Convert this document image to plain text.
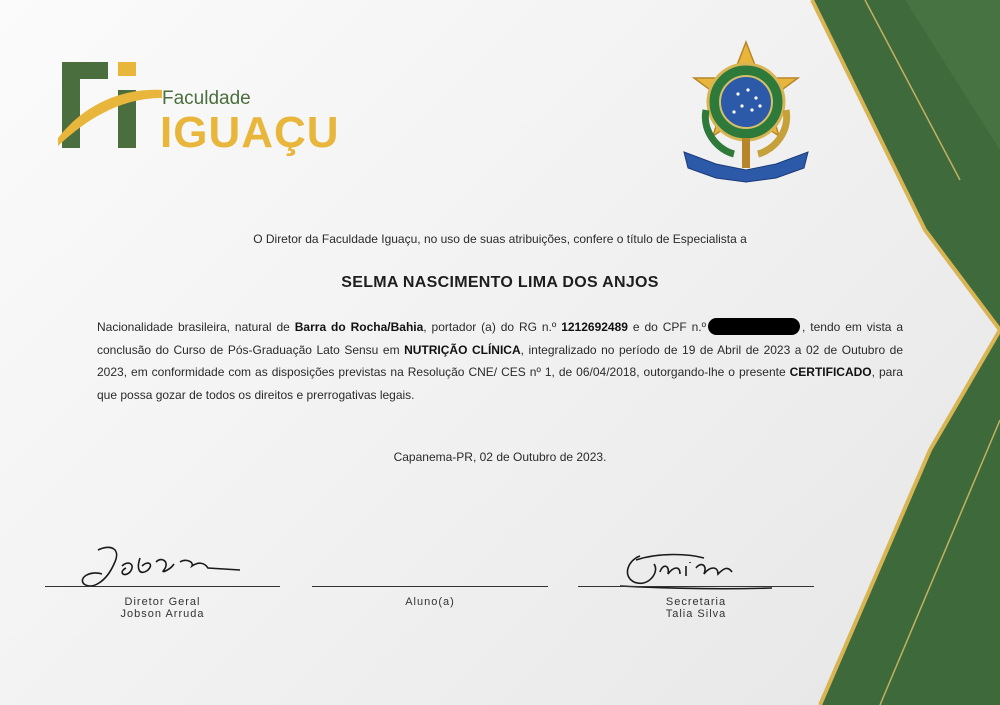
Faculdade
IGUAÇU
O Diretor da Faculdade Iguaçu, no uso de suas atribuições, confere o título de Especialista a
SELMA NASCIMENTO LIMA DOS ANJOS
Nacionalidade brasileira, natural de Barra do Rocha/Bahia, portador (a) do RG n.º 1212692489 e do CPF n.º	, tendo em vista a conclusão do Curso de Pós-Graduação Lato Sensu em NUTRIÇÃO CLÍNICA, integralizado no período de 19 de Abril de 2023 a 02 de Outubro de 2023, em conformidade com as disposições previstas na Resolução CNE/ CES nº 1, de 06/04/2018, outorgando-lhe o presente CERTIFICADO, para que possa gozar de todos os direitos e prerrogativas legais.
Capanema-PR, 02 de Outubro de 2023.
Diretor Geral
Jobson Arruda
Aluno(a)	Secretaria
Talia Silva
